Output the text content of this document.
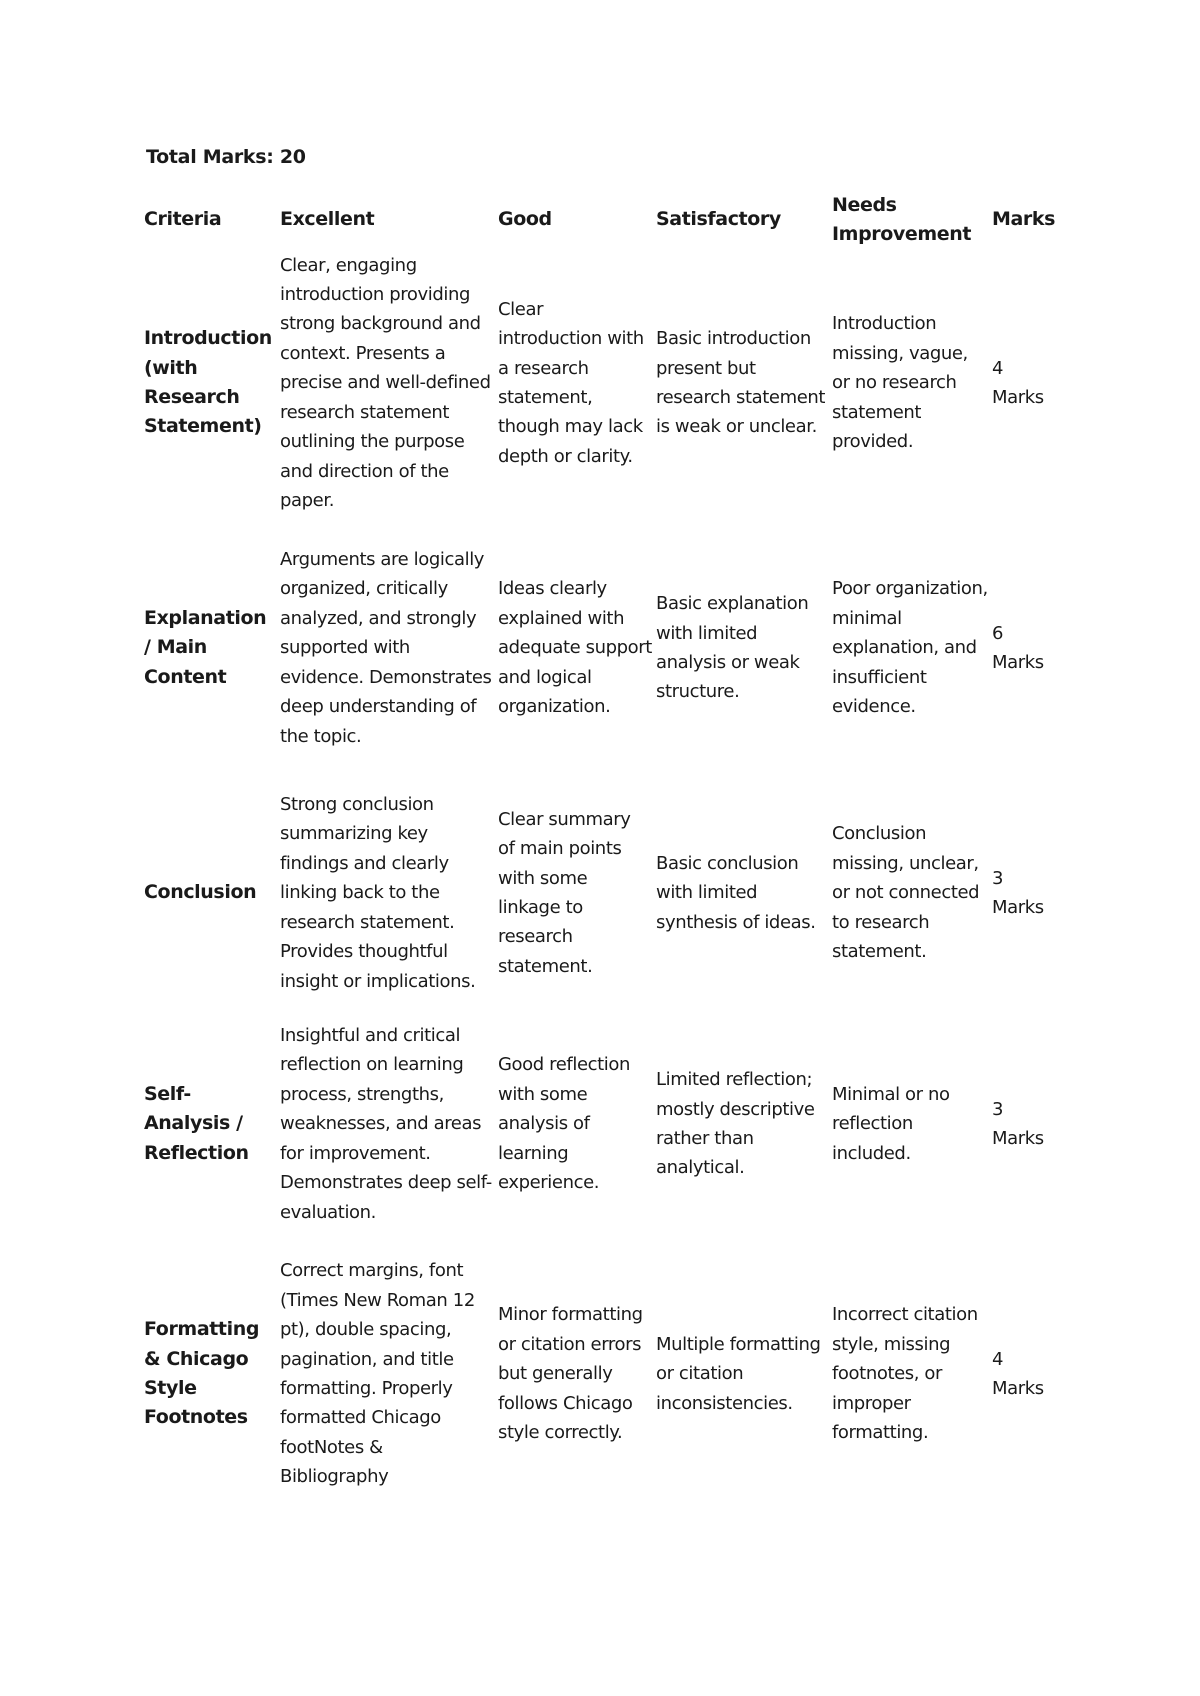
Total Marks: 20
Criteria	Excellent	Good	Satisfactory	Needs Improvement	Marks
Introduction (with Research Statement)	Clear, engaging introduction providing strong background and context. Presents a precise and well-defined research statement outlining the purpose and direction of the paper.	Clear introduction with a research statement, though may lack depth or clarity.	Basic introduction present but research statement is weak or unclear.	Introduction missing, vague, or no research statement provided.	4 Marks
Explanation / Main Content	Arguments are logically organized, critically analyzed, and strongly supported with evidence. Demonstrates deep understanding of the topic.	Ideas clearly explained with adequate support and logical organization.	Basic explanation with limited analysis or weak structure.	Poor organization, minimal explanation, and insufficient evidence.	6 Marks
Conclusion	Strong conclusion summarizing key findings and clearly linking back to the research statement. Provides thoughtful insight or implications.	Clear summary of main points with some linkage to research statement.	Basic conclusion with limited synthesis of ideas.	Conclusion missing, unclear, or not connected to research statement.	3 Marks
Self-Analysis / Reflection	Insightful and critical reflection on learning process, strengths, weaknesses, and areas for improvement. Demonstrates deep self-evaluation.	Good reflection with some analysis of learning experience.	Limited reflection; mostly descriptive rather than analytical.	Minimal or no reflection included.	3 Marks
Formatting & Chicago Style Footnotes	Correct margins, font (Times New Roman 12 pt), double spacing, pagination, and title formatting. Properly formatted Chicago footNotes & Bibliography	Minor formatting or citation errors but generally follows Chicago style correctly.	Multiple formatting or citation inconsistencies.	Incorrect citation style, missing footnotes, or improper formatting.	4 Marks
